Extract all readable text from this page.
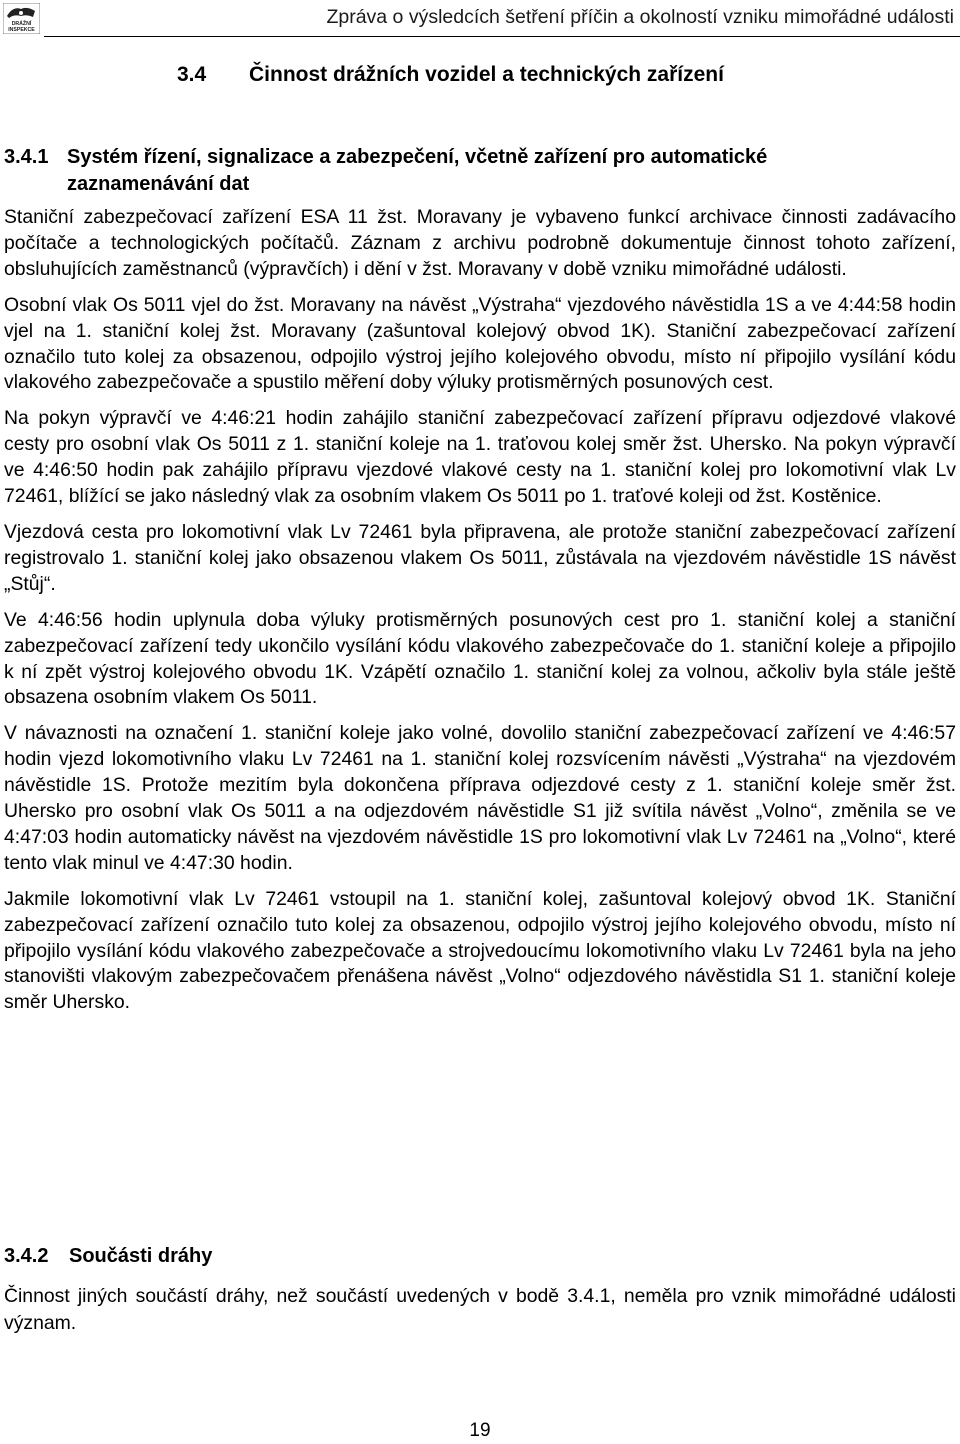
DRÁŽNÍ
INSPEKCE
Zpráva o výsledcích šetření příčin a okolností vzniku mimořádné události
3.4 Činnost drážních vozidel a technických zařízení
3.4.1 Systém řízení, signalizace a zabezpečení, včetně zařízení pro automatické
zaznamenávání dat

Staniční zabezpečovací zařízení ESA 11 žst. Moravany je vybaveno funkcí archivace činnosti zadávacího počítače a technologických počítačů. Záznam z archivu podrobně dokumentuje činnost tohoto zařízení, obsluhujících zaměstnanců (výpravčích) i dění v žst. Moravany v době vzniku mimořádné události.

Osobní vlak Os 5011 vjel do žst. Moravany na návěst „Výstraha“ vjezdového návěstidla 1S a ve 4:44:58 hodin vjel na 1. staniční kolej žst. Moravany (zašuntoval kolejový obvod 1K). Staniční zabezpečovací zařízení označilo tuto kolej za obsazenou, odpojilo výstroj jejího kolejového obvodu, místo ní připojilo vysílání kódu vlakového zabezpečovače a spustilo měření doby výluky protisměrných posunových cest.

Na pokyn výpravčí ve 4:46:21 hodin zahájilo staniční zabezpečovací zařízení přípravu odjezdové vlakové cesty pro osobní vlak Os 5011 z 1. staniční koleje na 1. traťovou kolej směr žst. Uhersko. Na pokyn výpravčí ve 4:46:50 hodin pak zahájilo přípravu vjezdové vlakové cesty na 1. staniční kolej pro lokomotivní vlak Lv 72461, blížící se jako následný vlak za osobním vlakem Os 5011 po 1. traťové koleji od žst. Kostěnice.

Vjezdová cesta pro lokomotivní vlak Lv 72461 byla připravena, ale protože staniční zabezpečovací zařízení registrovalo 1. staniční kolej jako obsazenou vlakem Os 5011, zůstávala na vjezdovém návěstidle 1S návěst „Stůj“.

Ve 4:46:56 hodin uplynula doba výluky protisměrných posunových cest pro 1. staniční kolej a staniční zabezpečovací zařízení tedy ukončilo vysílání kódu vlakového zabezpečovače do 1. staniční koleje a připojilo k ní zpět výstroj kolejového obvodu 1K. Vzápětí označilo 1. staniční kolej za volnou, ačkoliv byla stále ještě obsazena osobním vlakem Os 5011.

V návaznosti na označení 1. staniční koleje jako volné, dovolilo staniční zabezpečovací zařízení ve 4:46:57 hodin vjezd lokomotivního vlaku Lv 72461 na 1. staniční kolej rozsvícením návěsti „Výstraha“ na vjezdovém návěstidle 1S. Protože mezitím byla dokončena příprava odjezdové cesty z 1. staniční koleje směr žst. Uhersko pro osobní vlak Os 5011 a na odjezdovém návěstidle S1 již svítila návěst „Volno“, změnila se ve 4:47:03 hodin automaticky návěst na vjezdovém návěstidle 1S pro lokomotivní vlak Lv 72461 na „Volno“, které tento vlak minul ve 4:47:30 hodin.

Jakmile lokomotivní vlak Lv 72461 vstoupil na 1. staniční kolej, zašuntoval kolejový obvod 1K. Staniční zabezpečovací zařízení označilo tuto kolej za obsazenou, odpojilo výstroj jejího kolejového obvodu, místo ní připojilo vysílání kódu vlakového zabezpečovače a strojvedoucímu lokomotivního vlaku Lv 72461 byla na jeho stanovišti vlakovým zabezpečovačem přenášena návěst „Volno“ odjezdového návěstidla S1 1. staniční koleje směr Uhersko.

3.4.2 Součásti dráhy

Činnost jiných součástí dráhy, než součástí uvedených v bodě 3.4.1, neměla pro vznik mimořádné události význam.

19
